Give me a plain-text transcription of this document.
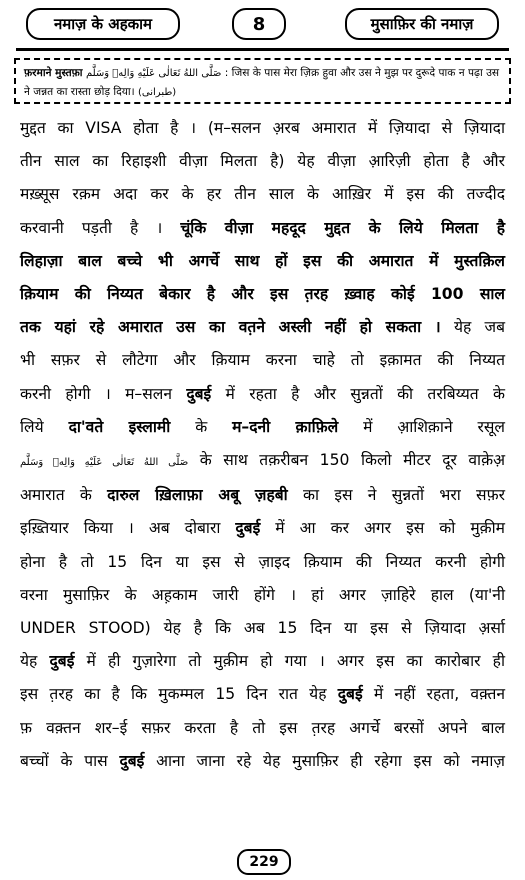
नमाज़ के अहकाम	8	मुसाफ़िर की नमाज़
फ़रमाने मुस्तफ़ा صَلَّى اللهُ تَعَالٰى عَلَيْهِ وَالِهٖ وَسَلَّم : जिस के पास मेरा ज़िक्र हुवा और उस ने मुझ पर दुरूदे पाक न पढ़ा उस ने जन्नत का रास्ता छोड़ दिया। (طبرانی)
मुद्दत का VISA होता है । (म–सलन अ़रब अमारात में ज़ियादा से ज़ियादा
तीन साल का रिहाइशी वीज़ा मिलता है) येह वीज़ा आ़रिज़ी होता है और
मख़्सूस रक़म अदा कर के हर तीन साल के आख़िर में इस की तज्दीद
करवानी पड़ती है । चूंकि वीज़ा महदूद मुद्दत के लिये मिलता है
लिहाज़ा बाल बच्चे भी अगर्चे साथ हों इस की अमारात में मुस्तक़िल
क़ियाम की निय्यत बेकार है और इस त़रह ख़्वाह कोई 100 साल
तक यहां रहे अमारात उस का वत़ने अस्ली नहीं हो सकता । येह जब
भी सफ़र से लौटेगा और क़ियाम करना चाहे तो इक़ामत की निय्यत
करनी होगी । म–सलन दुबई में रहता है और सुन्नतों की तरबिय्यत के
लिये दा'वते इस्लामी के म–दनी क़ाफ़िले में आ़शिक़ाने रसूल
صَلَّى اللهُ تَعَالٰى عَلَيْهِ وَالِهٖ وَسَلَّم के साथ तक़रीबन 150 किलो मीटर दूर वाक़ेअ़
अमारात के दारुल ख़िलाफ़ा अबू ज़हबी का इस ने सुन्नतों भरा सफ़र
इख़्तियार किया । अब दोबारा दुबई में आ कर अगर इस को मुक़ीम
होना है तो 15 दिन या इस से ज़ाइद क़ियाम की निय्यत करनी होगी
वरना मुसाफ़िर के अह़काम जारी होंगे । हां अगर ज़ाहिरे हाल (या'नी
UNDER STOOD) येह है कि अब 15 दिन या इस से ज़ियादा अ़र्सा
येह दुबई में ही गुज़ारेगा तो मुक़ीम हो गया । अगर इस का कारोबार ही
इस त़रह का है कि मुकम्मल 15 दिन रात येह दुबई में नहीं रहता, वक़्तन
फ़ वक़्तन शर–ई सफ़र करता है तो इस त़रह अगर्चे बरसों अपने बाल
बच्चों के पास दुबई आना जाना रहे येह मुसाफ़िर ही रहेगा इस को नमाज़
229
